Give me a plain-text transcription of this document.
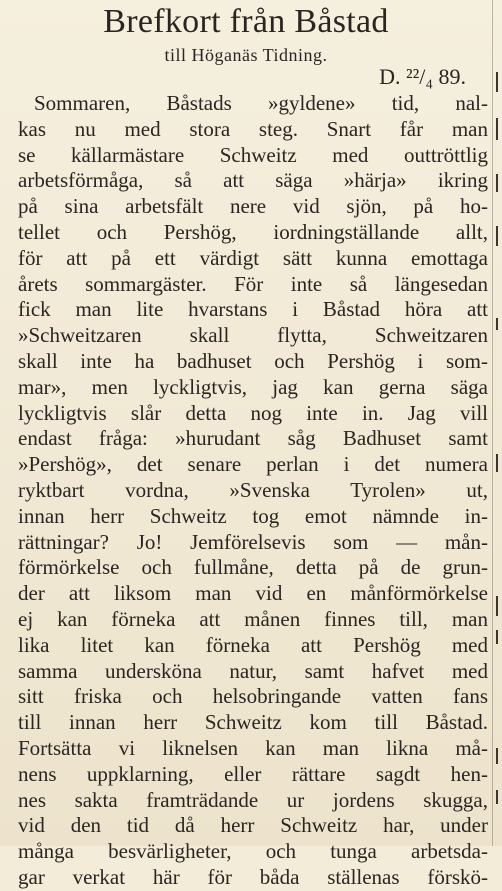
Brefkort från Båstad
till Höganäs Tidning.
D. ²²/₄ 89.
Sommaren, Båstads »gyldene» tid, nal-
kas nu med stora steg. Snart får man
se källarmästare Schweitz med outtröttlig
arbetsförmåga, så att säga »härja» ikring
på sina arbetsfält nere vid sjön, på ho-
tellet och Pershög, iordningställande allt,
för att på ett värdigt sätt kunna emottaga
årets sommargäster. För inte så längesedan
fick man lite hvarstans i Båstad höra att
»Schweitzaren skall flytta, Schweitzaren
skall inte ha badhuset och Pershög i som-
mar», men lyckligtvis, jag kan gerna säga
lyckligtvis slår detta nog inte in. Jag vill
endast fråga: »hurudant såg Badhuset samt
»Pershög», det senare perlan i det numera
ryktbart vordna, »Svenska Tyrolen» ut,
innan herr Schweitz tog emot nämnde in-
rättningar? Jo! Jemförelsevis som — mån-
förmörkelse och fullmåne, detta på de grun-
der att liksom man vid en månförmörkelse
ej kan förneka att månen finnes till, man
lika litet kan förneka att Pershög med
samma undersköna natur, samt hafvet med
sitt friska och helsobringande vatten fans
till innan herr Schweitz kom till Båstad.
Fortsätta vi liknelsen kan man likna må-
nens uppklarning, eller rättare sagdt hen-
nes sakta framträdande ur jordens skugga,
vid den tid då herr Schweitz har, under
många besvärligheter, och tunga arbetsda-
gar verkat här för båda ställenas förskö-
